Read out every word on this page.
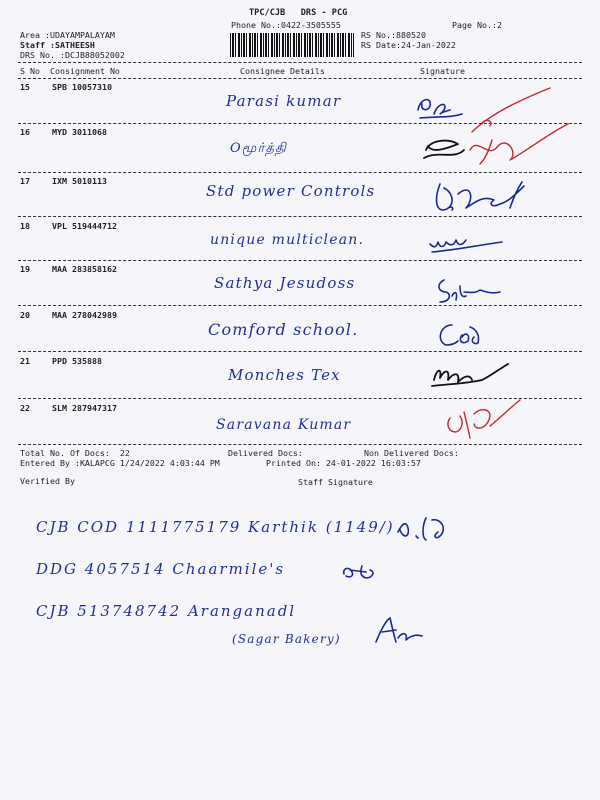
TPC/CJB   DRS - PCG
Phone No.:0422-3505555	Page No.:2
Area :UDAYAMPALAYAM
Staff :SATHEESH
DRS No. :DCJB88052002
RS No.:880520
RS Date:24-Jan-2022
S No Consignment No	Consignee Details	Signature
15	SPB 10057310
Parasi kumar
16	MYD 3011068
Oமூர்த்தி
17	IXM 5010113
Std power Controls
18	VPL 519444712
unique multiclean.
19	MAA 283858162
Sathya Jesudoss
20	MAA 278042989
Comford school.
21	PPD 535888
Monches Tex
22	SLM 287947317
Saravana Kumar
Total No. Of Docs:  22	Delivered Docs:	Non Delivered Docs:
Entered By :KALAPCG 1/24/2022 4:03:44 PM	Printed On: 24-01-2022 16:03:57
Verified By	Staff Signature
CJB COD 1111775179 Karthik (1149/)
DDG 4057514 Chaarmile's
CJB 513748742 Aranganadl
(Sagar Bakery)
